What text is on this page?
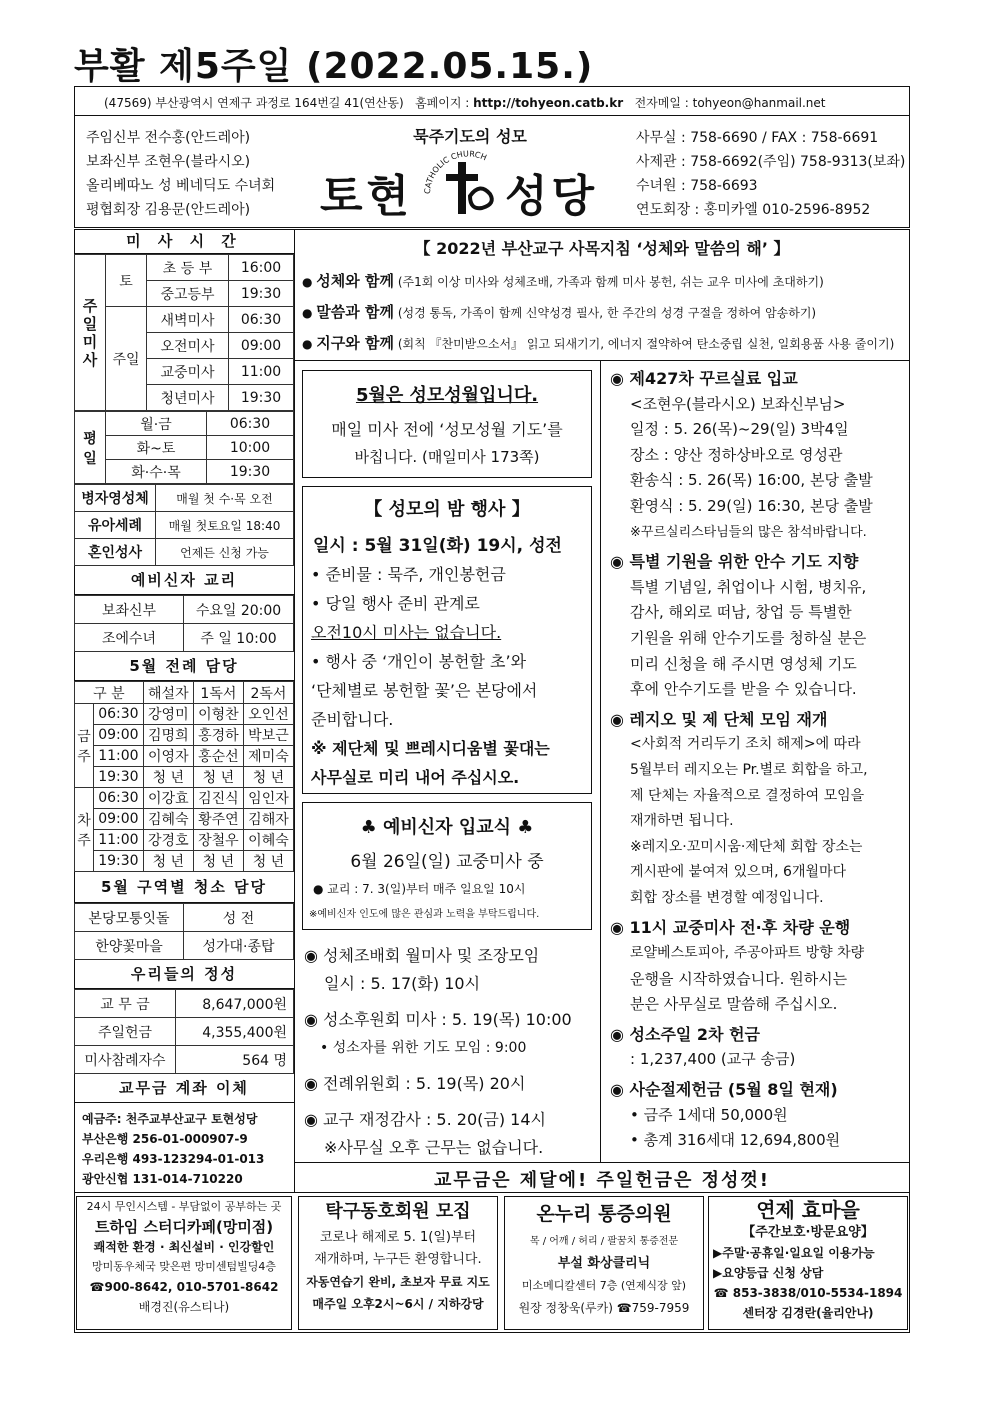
부활 제5주일 (2022.05.15.)
(47569) 부산광역시 연제구 과정로 164번길 41(연산동) 홈페이지 : http://tohyeon.catb.kr 전자메일 : tohyeon@hanmail.net
주임신부 전수홍(안드레아)
보좌신부 조현우(블라시오)
올리베따노 성 베네딕도 수녀회
평협회장 김용문(안드레아)
묵주기도의 성모
토현 CATHOLIC CHURCH
성당
사무실 : 758-6690 / FAX : 758-6691
사제관 : 758-6692(주임) 758-9313(보좌)
수녀원 : 758-6693
연도회장 : 홍미카엘 010-2596-8952
미 사 시 간
주일미사	토	초 등 부	16:00
		중고등부	19:30
	주일	새벽미사	06:30
		오전미사	09:00
		교중미사	11:00
		청년미사	19:30
평일	월·금	06:30
	화~토	10:00
	화·수·목	19:30
병자영성체	매월 첫 수·목 오전
유아세례	매월 첫토요일 18:40
혼인성사	언제든 신청 가능
예비신자 교리
보좌신부	수요일 20:00
조에수녀	주 일 10:00
5월 전례 담당
구 분		해설자	1독서	2독서
금주	06:30	강영미	이형찬	오인선
	09:00	김명희	홍경하	박보근
	11:00	이영자	홍순선	제미숙
	19:30	청 년	청 년	청 년
차주	06:30	이강효	김진식	임인자
	09:00	김혜숙	황주연	김해자
	11:00	강경호	장철우	이혜숙
	19:30	청 년	청 년	청 년
5월 구역별 청소 담당
본당모퉁잇돌	성 전
한양꽃마을	성가대·종탑
우리들의 정성
교 무 금	8,647,000원
주일헌금	4,355,400원
미사참례자수	564 명
교무금 계좌 이체
예금주: 천주교부산교구 토현성당
부산은행 256-01-000907-9
우리은행 493-123294-01-013
광안신협 131-014-710220
【 2022년 부산교구 사목지침 ‘성체와 말씀의 해’ 】
● 성체와 함께 (주1회 이상 미사와 성체조배, 가족과 함께 미사 봉헌, 쉬는 교우 미사에 초대하기)
● 말씀과 함께 (성경 통독, 가족이 함께 신약성경 필사, 한 주간의 성경 구절을 정하여 암송하기)
● 지구와 함께 (회칙 『찬미받으소서』 읽고 되새기기, 에너지 절약하여 탄소중립 실천, 일회용품 사용 줄이기)
5월은 성모성월입니다.
매일 미사 전에 ‘성모성월 기도’를
바칩니다. (매일미사 173쪽)
【 성모의 밤 행사 】
일시 : 5월 31일(화) 19시, 성전
• 준비물 : 묵주, 개인봉헌금
• 당일 행사 준비 관계로
오전10시 미사는 없습니다.
• 행사 중 ‘개인이 봉헌할 초’와
‘단체별로 봉헌할 꽃’은 본당에서
준비합니다.
※ 제단체 및 쁘레시디움별 꽃대는
사무실로 미리 내어 주십시오.
♣ 예비신자 입교식 ♣
6월 26일(일) 교중미사 중
● 교리 : 7. 3(일)부터 매주 일요일 10시
※예비신자 인도에 많은 관심과 노력을 부탁드립니다.
◉ 성체조배회 월미사 및 조장모임
일시 : 5. 17(화) 10시
◉ 성소후원회 미사 : 5. 19(목) 10:00
• 성소자를 위한 기도 모임 : 9:00
◉ 전례위원회 : 5. 19(목) 20시
◉ 교구 재정감사 : 5. 20(금) 14시
※사무실 오후 근무는 없습니다.
◉ 제427차 꾸르실료 입교
<조현우(블라시오) 보좌신부님>
일정 : 5. 26(목)~29(일) 3박4일
장소 : 양산 정하상바오로 영성관
환송식 : 5. 26(목) 16:00, 본당 출발
환영식 : 5. 29(일) 16:30, 본당 출발
※꾸르실리스타님들의 많은 참석바랍니다.
◉ 특별 기원을 위한 안수 기도 지향
특별 기념일, 취업이나 시험, 병치유,
감사, 해외로 떠남, 창업 등 특별한
기원을 위해 안수기도를 청하실 분은
미리 신청을 해 주시면 영성체 기도
후에 안수기도를 받을 수 있습니다.
◉ 레지오 및 제 단체 모임 재개
<사회적 거리두기 조치 해제>에 따라
5월부터 레지오는 Pr.별로 회합을 하고,
제 단체는 자율적으로 결정하여 모임을
재개하면 됩니다.
※레지오·꼬미시움·제단체 회합 장소는
게시판에 붙여져 있으며, 6개월마다
회합 장소를 변경할 예정입니다.
◉ 11시 교중미사 전·후 차량 운행
로얄베스토피아, 주공아파트 방향 차량
운행을 시작하였습니다. 원하시는
분은 사무실로 말씀해 주십시오.
◉ 성소주일 2차 헌금
: 1,237,400 (교구 송금)
◉ 사순절제헌금 (5월 8일 현재)
• 금주 1세대 50,000원
• 총계 316세대 12,694,800원
교무금은 제달에! 주일헌금은 정성껏!
24시 무인시스템 - 부담없이 공부하는 곳
트하임 스터디카페(망미점)
쾌적한 환경 · 최신설비 · 인강할인
망미동우체국 맞은편 망미센텀빌딩4층
☎900-8642, 010-5701-8642
배경진(유스티나)
탁구동호회원 모집
코로나 해제로 5. 1(일)부터
재개하며, 누구든 환영합니다.
자동연습기 완비, 초보자 무료 지도
매주일 오후2시~6시 / 지하강당
온누리 통증의원
목 / 어깨 / 허리 / 팔꿈치 통증전문
부설 화상클리닉
미소메디칼센터 7층 (연제식장 앞)
원장 정창욱(루카) ☎759-7959
연제 효마을
【주간보호·방문요양】
▶주말·공휴일·일요일 이용가능
▶요양등급 신청 상담
☎ 853-3838/010-5534-1894
센터장 김경란(율리안나)
